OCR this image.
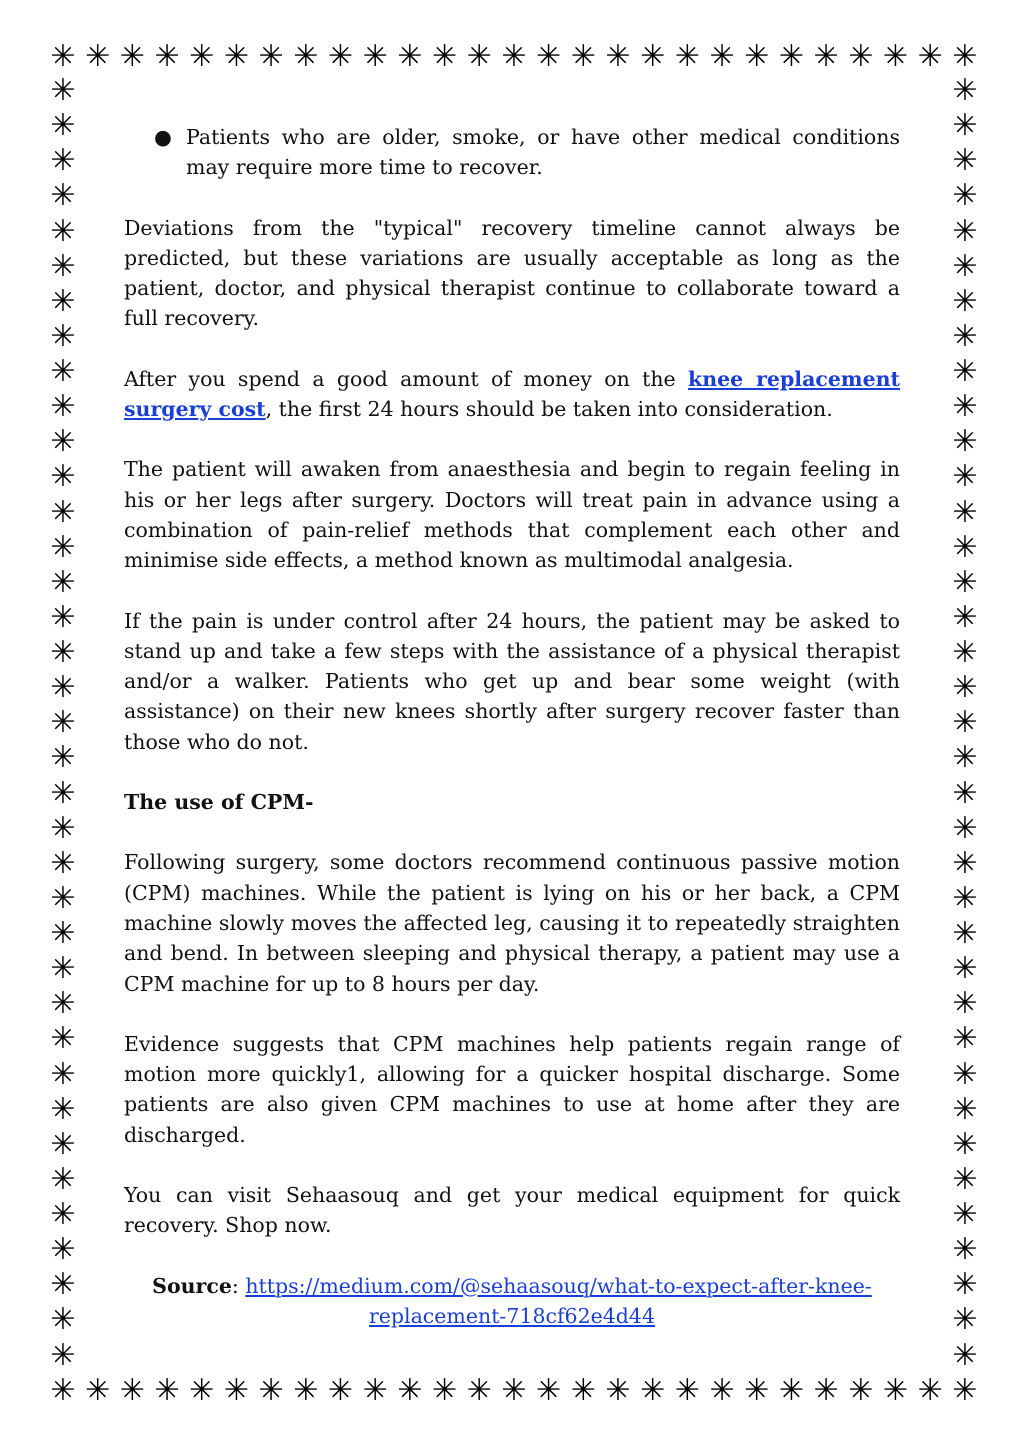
✳ ✳ ✳ ✳ ✳ ✳ ✳ ✳ ✳ ✳ ✳ ✳ ✳ ✳ ✳ ✳ ✳ ✳ ✳ ✳ ✳ ✳ ✳ ✳ ✳ ✳ ✳
✳
✳
✳
✳
✳
✳
✳
✳
✳
✳
✳
✳
✳
✳
✳
✳
✳
✳
✳
✳
✳
✳
✳
✳
✳
✳
✳
✳
✳
✳
✳
✳
✳
✳
✳
✳
✳
✳
✳
✳
✳
✳
✳
✳
✳
✳
✳
✳
✳
✳
✳
✳
✳
✳
✳
✳
✳
✳
✳
✳
✳
✳
✳
✳
✳
✳
✳
✳
✳
✳
✳
✳
✳
✳
✳ ✳ ✳ ✳ ✳ ✳ ✳ ✳ ✳ ✳ ✳ ✳ ✳ ✳ ✳ ✳ ✳ ✳ ✳ ✳ ✳ ✳ ✳ ✳ ✳ ✳ ✳
● Patients who are older, smoke, or have other medical conditions may require more time to recover.

Deviations from the "typical" recovery timeline cannot always be predicted, but these variations are usually acceptable as long as the patient, doctor, and physical therapist continue to collaborate toward a full recovery.

After you spend a good amount of money on the knee replacement surgery cost, the first 24 hours should be taken into consideration.

The patient will awaken from anaesthesia and begin to regain feeling in his or her legs after surgery. Doctors will treat pain in advance using a combination of pain-relief methods that complement each other and minimise side effects, a method known as multimodal analgesia.

If the pain is under control after 24 hours, the patient may be asked to stand up and take a few steps with the assistance of a physical therapist and/or a walker. Patients who get up and bear some weight (with assistance) on their new knees shortly after surgery recover faster than those who do not.

The use of CPM-

Following surgery, some doctors recommend continuous passive motion (CPM) machines. While the patient is lying on his or her back, a CPM machine slowly moves the affected leg, causing it to repeatedly straighten and bend. In between sleeping and physical therapy, a patient may use a CPM machine for up to 8 hours per day.

Evidence suggests that CPM machines help patients regain range of motion more quickly1, allowing for a quicker hospital discharge. Some patients are also given CPM machines to use at home after they are discharged.

You can visit Sehaasouq and get your medical equipment for quick recovery. Shop now.

Source: https://medium.com/@sehaasouq/what-to-expect-after-knee-
replacement-718cf62e4d44
